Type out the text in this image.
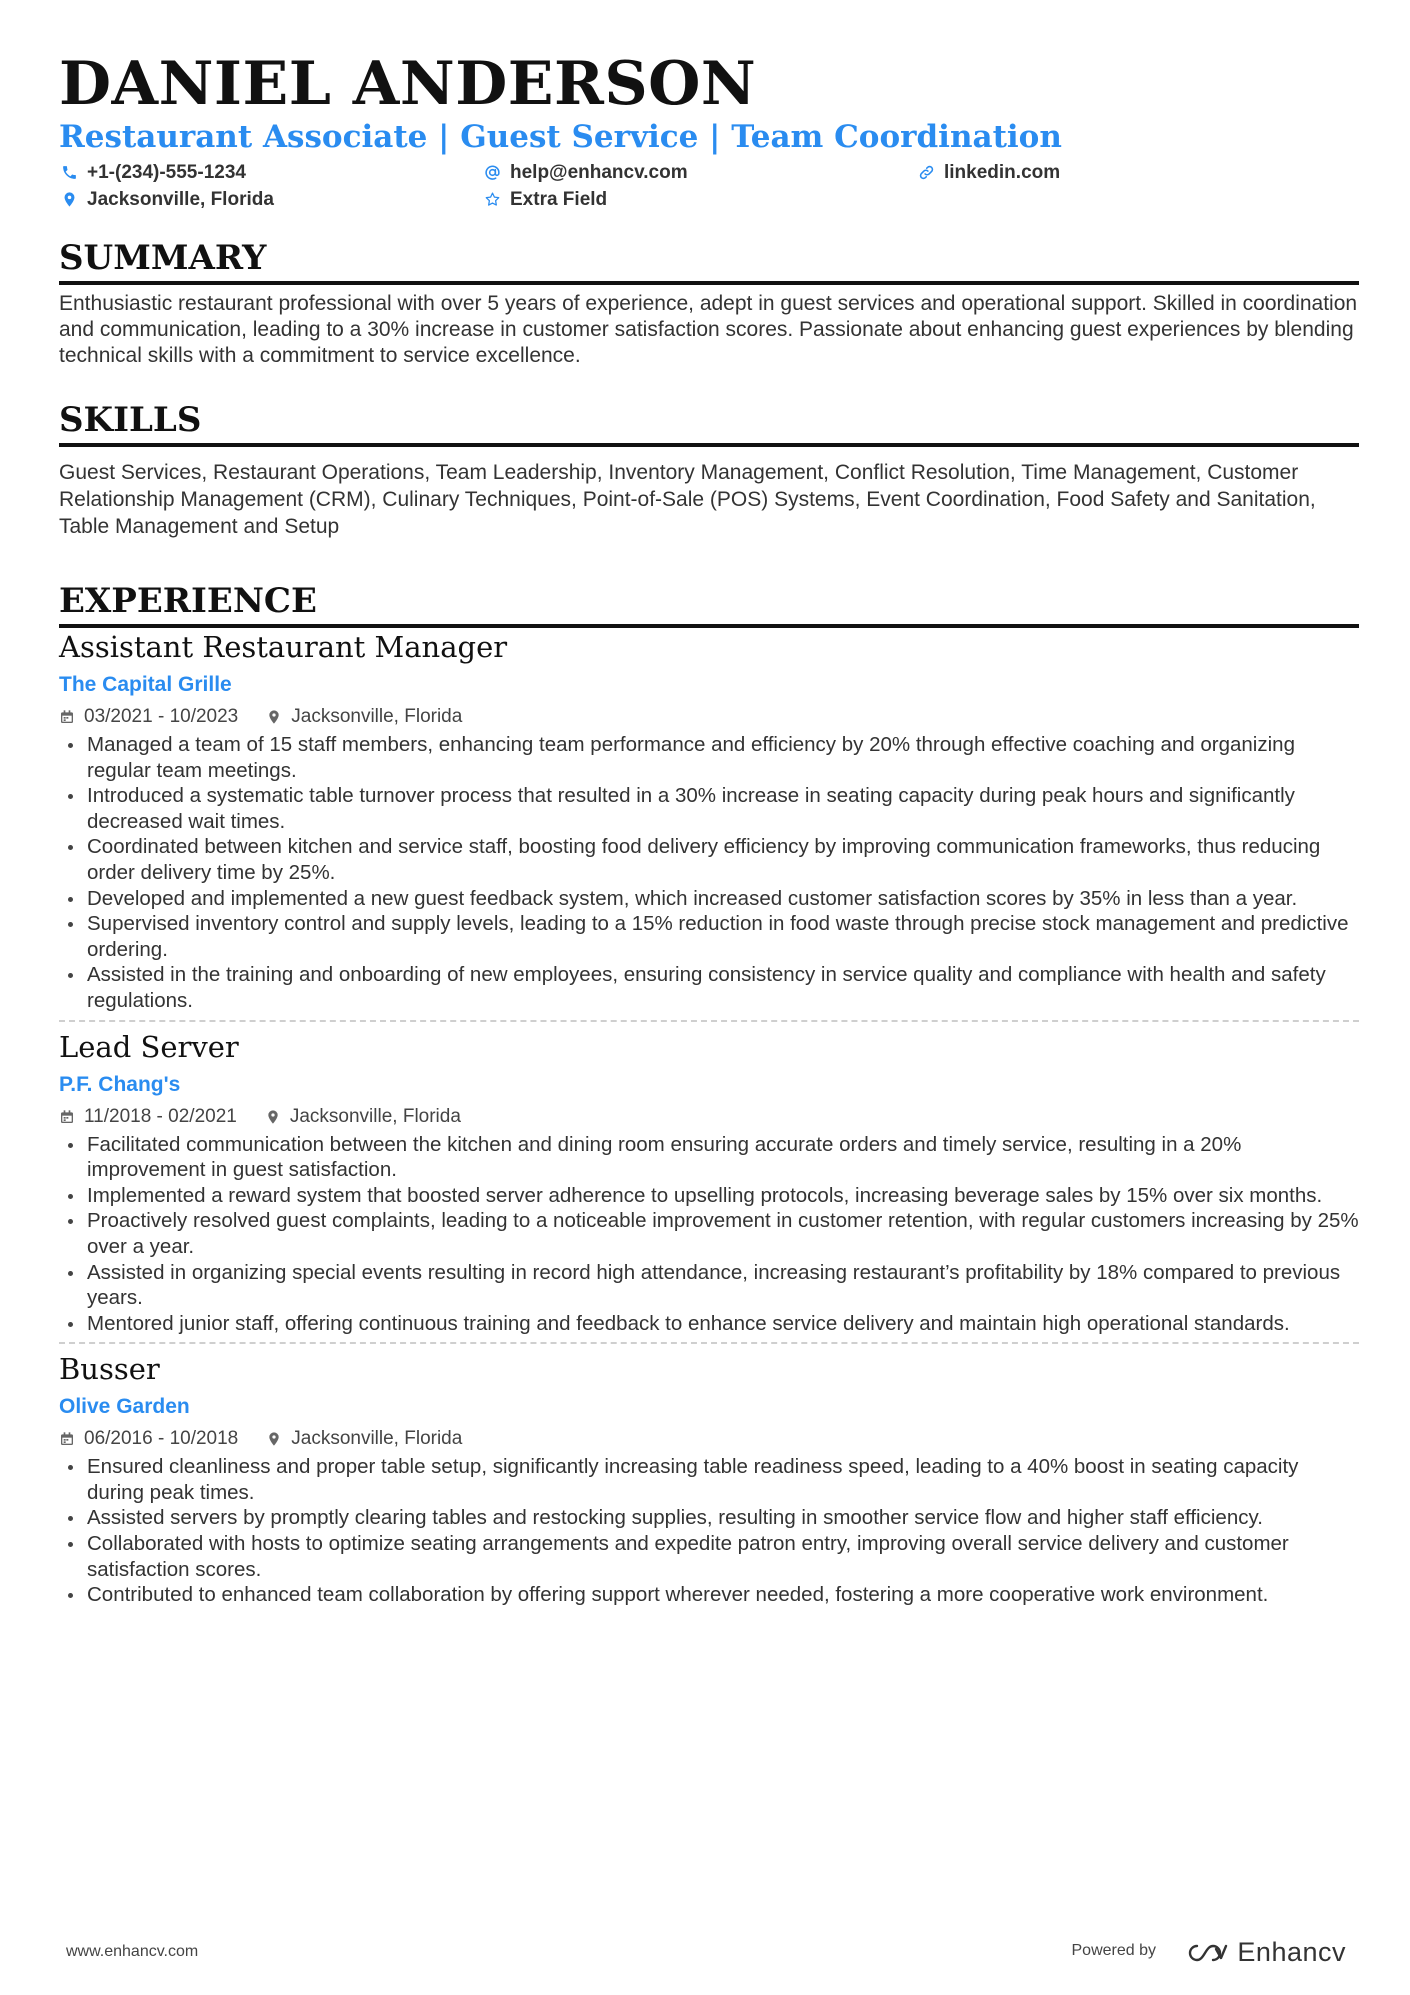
DANIEL ANDERSON
Restaurant Associate | Guest Service | Team Coordination
+1-(234)-555-1234	help@enhancv.com	linkedin.com
Jacksonville, Florida	Extra Field
SUMMARY
Enthusiastic restaurant professional with over 5 years of experience, adept in guest services and operational support. Skilled in coordination and communication, leading to a 30% increase in customer satisfaction scores. Passionate about enhancing guest experiences by blending technical skills with a commitment to service excellence.
SKILLS
Guest Services, Restaurant Operations, Team Leadership, Inventory Management, Conflict Resolution, Time Management, Customer Relationship Management (CRM), Culinary Techniques, Point-of-Sale (POS) Systems, Event Coordination, Food Safety and Sanitation, Table Management and Setup
EXPERIENCE
Assistant Restaurant Manager
The Capital Grille
03/2021 - 10/2023	Jacksonville, Florida
Managed a team of 15 staff members, enhancing team performance and efficiency by 20% through effective coaching and organizing regular team meetings.
Introduced a systematic table turnover process that resulted in a 30% increase in seating capacity during peak hours and significantly decreased wait times.
Coordinated between kitchen and service staff, boosting food delivery efficiency by improving communication frameworks, thus reducing order delivery time by 25%.
Developed and implemented a new guest feedback system, which increased customer satisfaction scores by 35% in less than a year.
Supervised inventory control and supply levels, leading to a 15% reduction in food waste through precise stock management and predictive ordering.
Assisted in the training and onboarding of new employees, ensuring consistency in service quality and compliance with health and safety regulations.
Lead Server
P.F. Chang's
11/2018 - 02/2021	Jacksonville, Florida
Facilitated communication between the kitchen and dining room ensuring accurate orders and timely service, resulting in a 20% improvement in guest satisfaction.
Implemented a reward system that boosted server adherence to upselling protocols, increasing beverage sales by 15% over six months.
Proactively resolved guest complaints, leading to a noticeable improvement in customer retention, with regular customers increasing by 25% over a year.
Assisted in organizing special events resulting in record high attendance, increasing restaurant’s profitability by 18% compared to previous years.
Mentored junior staff, offering continuous training and feedback to enhance service delivery and maintain high operational standards.
Busser
Olive Garden
06/2016 - 10/2018	Jacksonville, Florida
Ensured cleanliness and proper table setup, significantly increasing table readiness speed, leading to a 40% boost in seating capacity during peak times.
Assisted servers by promptly clearing tables and restocking supplies, resulting in smoother service flow and higher staff efficiency.
Collaborated with hosts to optimize seating arrangements and expedite patron entry, improving overall service delivery and customer satisfaction scores.
Contributed to enhanced team collaboration by offering support wherever needed, fostering a more cooperative work environment.
www.enhancv.com	Powered by	Enhancv
